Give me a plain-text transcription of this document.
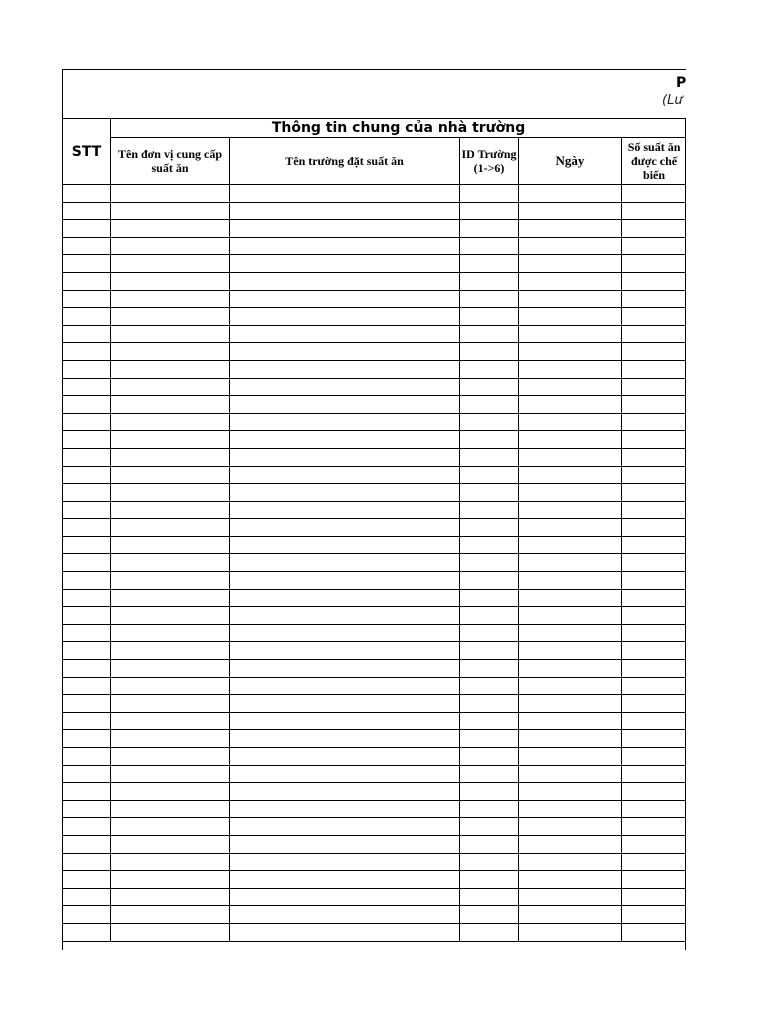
P
(Lư
STT	Thông tin chung của nhà trường				
	Tên đơn vị cung cấp suất ăn	Tên trường đặt suất ăn	ID Trường (1->6)	Ngày	Số suất ăn được chế biến
